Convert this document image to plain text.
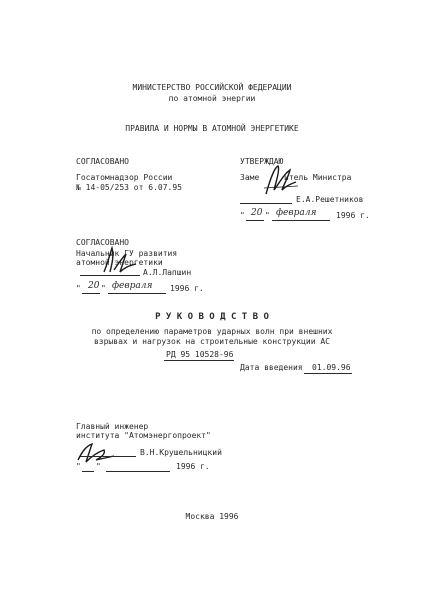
МИНИСТЕРСТВО РОССИЙСКОЙ ФЕДЕРАЦИИ
по атомной энергии
ПРАВИЛА И НОРМЫ В АТОМНОЙ ЭНЕРГЕТИКЕ
СОГЛАСОВАНО
Госатомнадзор России
№ 14-05/253 от 6.07.95
УТВЕРЖДАЮ
Заме	итель Министра
Е.А.Решетников
" 20 " февраля 1996 г.
СОГЛАСОВАНО
Начальник ГУ развития
атомной энергетики
А.Л.Лапшин
" 20 " февраля 1996 г.
Р У К О В О Д С Т В О
по определению параметров ударных волн при внешних
взрывах и нагрузок на строительные конструкции АС
РД 95 10528-96
Дата введения 01.09.96
Главный инженер
института "Атомэнергопроект"
В.Н.Крушельницкий
" "	1996 г.
Москва 1996
